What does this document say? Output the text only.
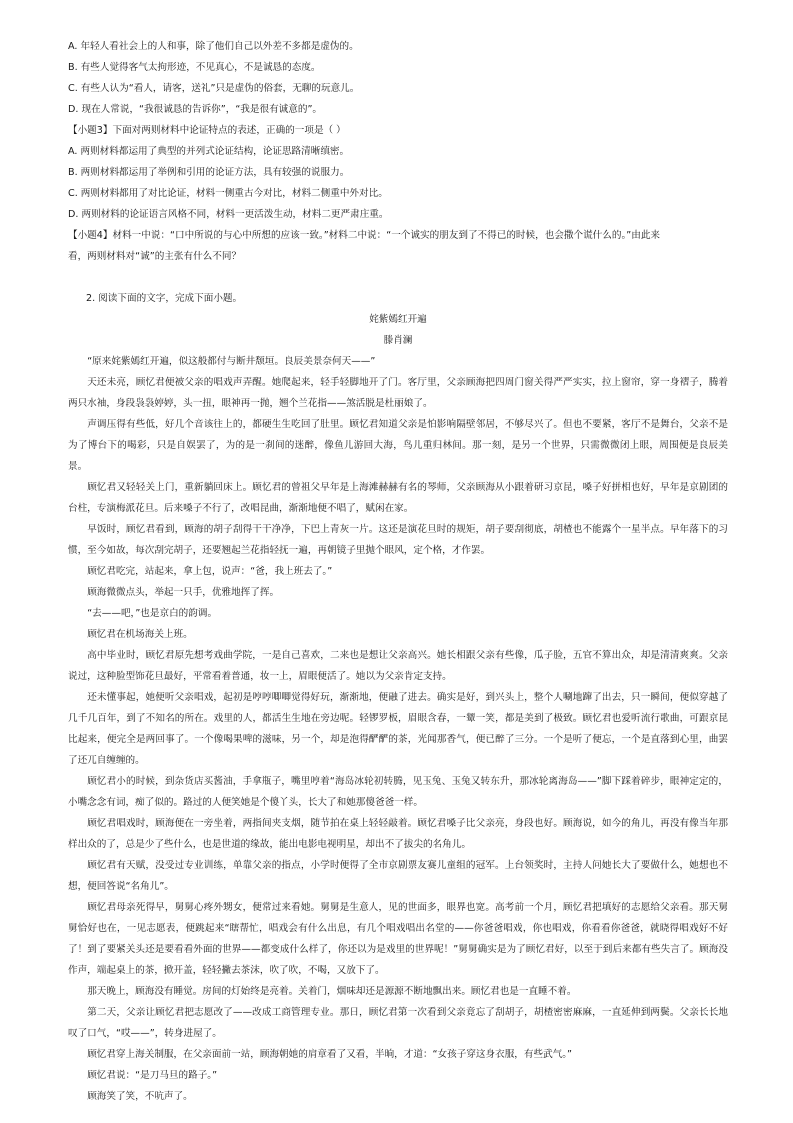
A. 年轻人看社会上的人和事，除了他们自己以外差不多都是虚伪的。
B. 有些人觉得客气太拘形迹，不见真心，不是诚恳的态度。
C. 有些人认为“看人，请客，送礼”只是虚伪的俗套，无聊的玩意儿。
D. 现在人常说，“我很诚恳的告诉你”，“我是很有诚意的”。
【小题3】下面对两则材料中论证特点的表述，正确的一项是（ ）
A. 两则材料都运用了典型的并列式论证结构，论证思路清晰缜密。
B. 两则材料都运用了举例和引用的论证方法，具有较强的说服力。
C. 两则材料都用了对比论证，材料一侧重古今对比，材料二侧重中外对比。
D. 两则材料的论证语言风格不同，材料一更活泼生动，材料二更严肃庄重。
【小题4】材料一中说：“口中所说的与心中所想的应该一致。”材料二中说：“一个诚实的朋友到了不得已的时候，也会撒个谎什么的。”由此来
看，两则材料对“诚”的主张有什么不同？
2. 阅读下面的文字，完成下面小题。
姹紫嫣红开遍
滕肖澜
“原来姹紫嫣红开遍，似这般都付与断井颓垣。良辰美景奈何天——”
天还未亮，顾忆君便被父亲的唱戏声弄醒。她爬起来，轻手轻脚地开了门。客厅里，父亲顾海把四周门窗关得严严实实，拉上窗帘，穿一身褶子，腾着两只水袖，身段袅袅婷婷，头一扭，眼神再一抛，翘个兰花指——煞活脱是杜丽娘了。
声调压得有些低，好几个音该往上的，都硬生生吃回了肚里。顾忆君知道父亲是怕影响隔壁邻居，不够尽兴了。但也不要紧，客厅不是舞台，父亲不是为了博台下的喝彩，只是自娱罢了，为的是一刹间的迷醉，像鱼儿游回大海，鸟儿重归林间。那一刻，是另一个世界，只需微微闭上眼，周围便是良辰美景。
顾忆君又轻轻关上门，重新躺回床上。顾忆君的曾祖父早年是上海滩赫赫有名的琴师，父亲顾海从小跟着研习京昆，嗓子好拼相也好，早年是京剧团的台柱，专演梅派花旦。后来嗓子不行了，改唱昆曲，渐渐地便不唱了，赋闲在家。
早饭时，顾忆君看到，顾海的胡子刮得干干净净，下巴上青灰一片。这还是演花旦时的规矩，胡子要刮彻底，胡楂也不能露个一星半点。早年落下的习惯，至今如故，每次刮完胡子，还要翘起兰花指轻抚一遍，再朝镜子里抛个眼风，定个格，才作罢。
顾忆君吃完，站起来，拿上包，说声：“爸，我上班去了。”
顾海微微点头，举起一只手，优雅地挥了挥。
“去——吧，”也是京白的韵调。
顾忆君在机场海关上班。
高中毕业时，顾忆君原先想考戏曲学院，一是自己喜欢，二来也是想让父亲高兴。她长相跟父亲有些像，瓜子脸，五官不算出众，却是清清爽爽。父亲说过，这种脸型饰花旦最好，平常看着普通，妆一上，眉眼便活了。她以为父亲肯定支持。
还未懂事起，她便听父亲唱戏，起初是哼哼唧唧觉得好玩，渐渐地，便融了进去。确实是好，到兴头上，整个人唰地蹿了出去，只一瞬间，便似穿越了几千几百年，到了不知名的所在。戏里的人，都活生生地在旁边呢。轻锣罗板，眉眼含春，一颦一笑，都是美到了极致。顾忆君也爱听流行歌曲，可跟京昆比起来，便完全是两回事了。一个像喝果啤的滋味，另一个，却是泡得酽酽的茶，光闻那香气，便已醉了三分。一个是听了便忘，一个是直落到心里，曲罢了还兀自缠缠的。
顾忆君小的时候，到杂货店买酱油，手拿瓶子，嘴里哼着“海岛冰轮初转腾，见玉兔、玉兔又转东升，那冰轮离海岛——”脚下踩着碎步，眼神定定的，小嘴念念有词，痴了似的。路过的人便笑她是个傻丫头，长大了和她那傻爸爸一样。
顾忆君唱戏时，顾海便在一旁坐着，两指间夹支烟，随节拍在桌上轻轻敲着。顾忆君嗓子比父亲亮，身段也好。顾海说，如今的角儿，再没有像当年那样出众的了，总是少了些什么，也是世道的缘故，能出电影电视明星，却出不了拔尖的名角儿。
顾忆君有天赋，没受过专业训练，单靠父亲的指点，小学时便得了全市京剧票友赛儿童组的冠军。上台领奖时，主持人问她长大了要做什么，她想也不想，便回答说“名角儿”。
顾忆君母亲死得早，舅舅心疼外甥女，便常过来看她。舅舅是生意人，见的世面多，眼界也宽。高考前一个月，顾忆君把填好的志愿给父亲看。那天舅舅恰好也在，一见志愿表，便跳起来“瞎帮忙，唱戏会有什么出息，有几个唱戏唱出名堂的——你爸爸唱戏，你也唱戏，你看看你爸爸，就晓得唱戏好不好了！到了要紧关头还是要看看外面的世界——都变成什么样了，你还以为是戏里的世界呢！”舅舅确实是为了顾忆君好，以至于到后来都有些失言了。顾海没作声，端起桌上的茶，掀开盖，轻轻撇去茶沫，吹了吹，不喝，又放下了。
那天晚上，顾海没有睡觉。房间的灯始终是亮着。关着门，烟味却还是源源不断地飘出来。顾忆君也是一直睡不着。
第二天，父亲让顾忆君把志愿改了——改成工商管理专业。那日，顾忆君第一次看到父亲竟忘了刮胡子，胡楂密密麻麻，一直延伸到两鬓。父亲长长地叹了口气，“哎——”，转身进屋了。
顾忆君穿上海关制服，在父亲面前一站，顾海朝她的肩章看了又看，半晌，才道：“女孩子穿这身衣服，有些武气。”
顾忆君说：“是刀马旦的路子。”
顾海笑了笑，不吭声了。
